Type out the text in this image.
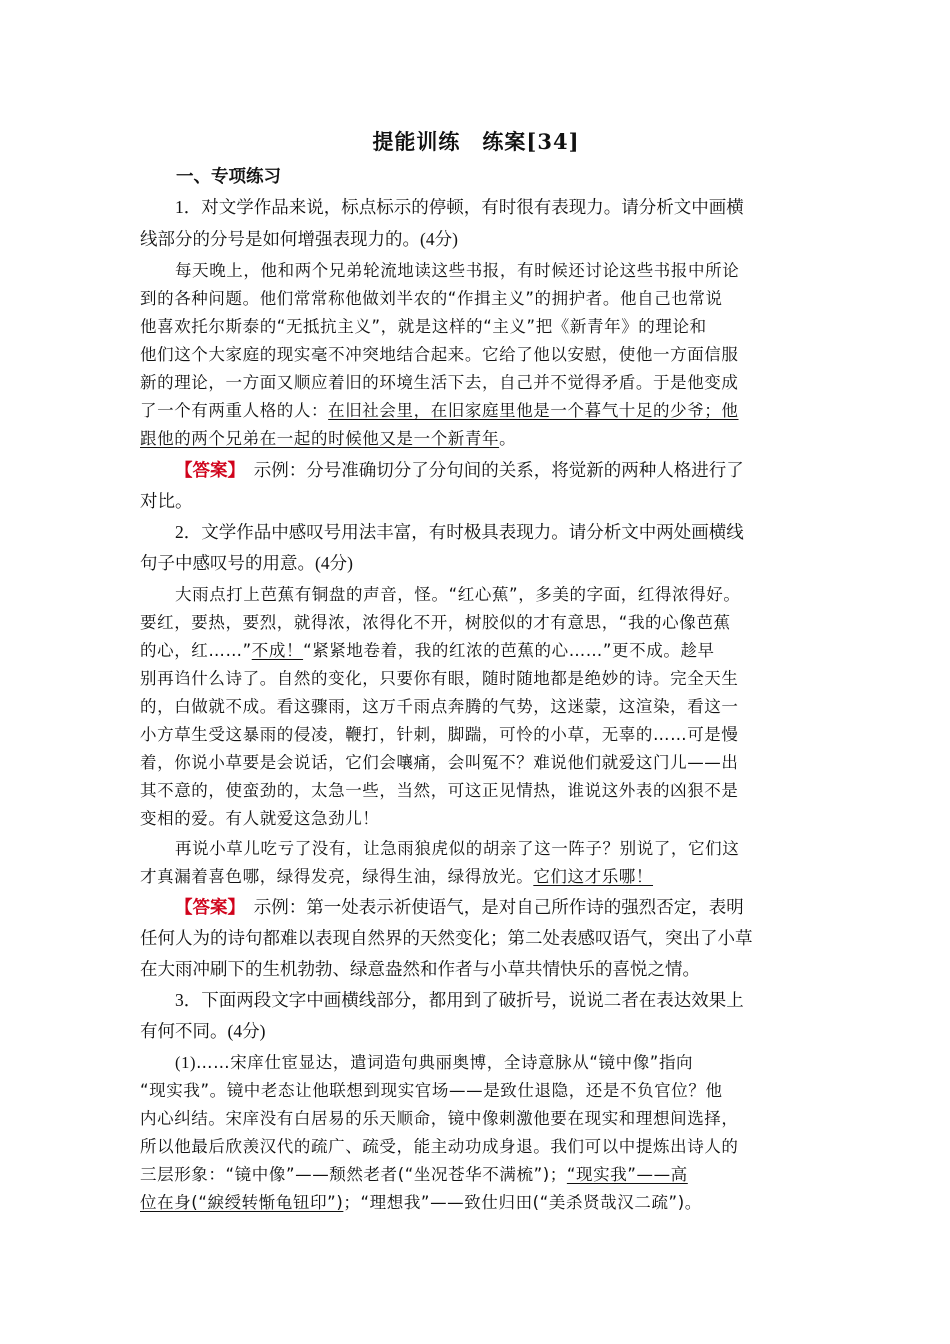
提能训练　练案[34]
一、专项练习
1．对文学作品来说，标点标示的停顿，有时很有表现力。请分析文中画横
线部分的分号是如何增强表现力的。(4分)
每天晚上，他和两个兄弟轮流地读这些书报，有时候还讨论这些书报中所论
到的各种问题。他们常常称他做刘半农的“作揖主义”的拥护者。他自己也常说
他喜欢托尔斯泰的“无抵抗主义”，就是这样的“主义”把《新青年》的理论和
他们这个大家庭的现实毫不冲突地结合起来。它给了他以安慰，使他一方面信服
新的理论，一方面又顺应着旧的环境生活下去，自己并不觉得矛盾。于是他变成
了一个有两重人格的人：在旧社会里，在旧家庭里他是一个暮气十足的少爷；他
跟他的两个兄弟在一起的时候他又是一个新青年。
【答案】　示例：分号准确切分了分句间的关系，将觉新的两种人格进行了
对比。
2．文学作品中感叹号用法丰富，有时极具表现力。请分析文中两处画横线
句子中感叹号的用意。(4分)
大雨点打上芭蕉有铜盘的声音，怪。“红心蕉”，多美的字面，红得浓得好。
要红，要热，要烈，就得浓，浓得化不开，树胶似的才有意思，“我的心像芭蕉
的心，红……”不成！“紧紧地卷着，我的红浓的芭蕉的心……”更不成。趁早
别再诌什么诗了。自然的变化，只要你有眼，随时随地都是绝妙的诗。完全天生
的，白做就不成。看这骤雨，这万千雨点奔腾的气势，这迷蒙，这渲染，看这一
小方草生受这暴雨的侵凌，鞭打，针刺，脚踹，可怜的小草，无辜的……可是慢
着，你说小草要是会说话，它们会嚷痛，会叫冤不？难说他们就爱这门儿——出
其不意的，使蛮劲的，太急一些，当然，可这正见情热，谁说这外表的凶狠不是
变相的爱。有人就爱这急劲儿！
再说小草儿吃亏了没有，让急雨狼虎似的胡亲了这一阵子？别说了，它们这
才真漏着喜色哪，绿得发亮，绿得生油，绿得放光。它们这才乐哪！
【答案】　示例：第一处表示祈使语气，是对自己所作诗的强烈否定，表明
任何人为的诗句都难以表现自然界的天然变化；第二处表感叹语气，突出了小草
在大雨冲刷下的生机勃勃、绿意盎然和作者与小草共情快乐的喜悦之情。
3．下面两段文字中画横线部分，都用到了破折号，说说二者在表达效果上
有何不同。(4分)
(1)……宋庠仕宦显达，遣词造句典丽奥博，全诗意脉从“镜中像”指向
“现实我”。镜中老态让他联想到现实官场——是致仕退隐，还是不负官位？他
内心纠结。宋庠没有白居易的乐天顺命，镜中像刺激他要在现实和理想间选择，
所以他最后欣羡汉代的疏广、疏受，能主动功成身退。我们可以中提炼出诗人的
三层形象：“镜中像”——颓然老者(“坐况苍华不满梳”)；“现实我”——高
位在身(“綟绶转惭龟钮印”)；“理想我”——致仕归田(“美杀贤哉汉二疏”)。
